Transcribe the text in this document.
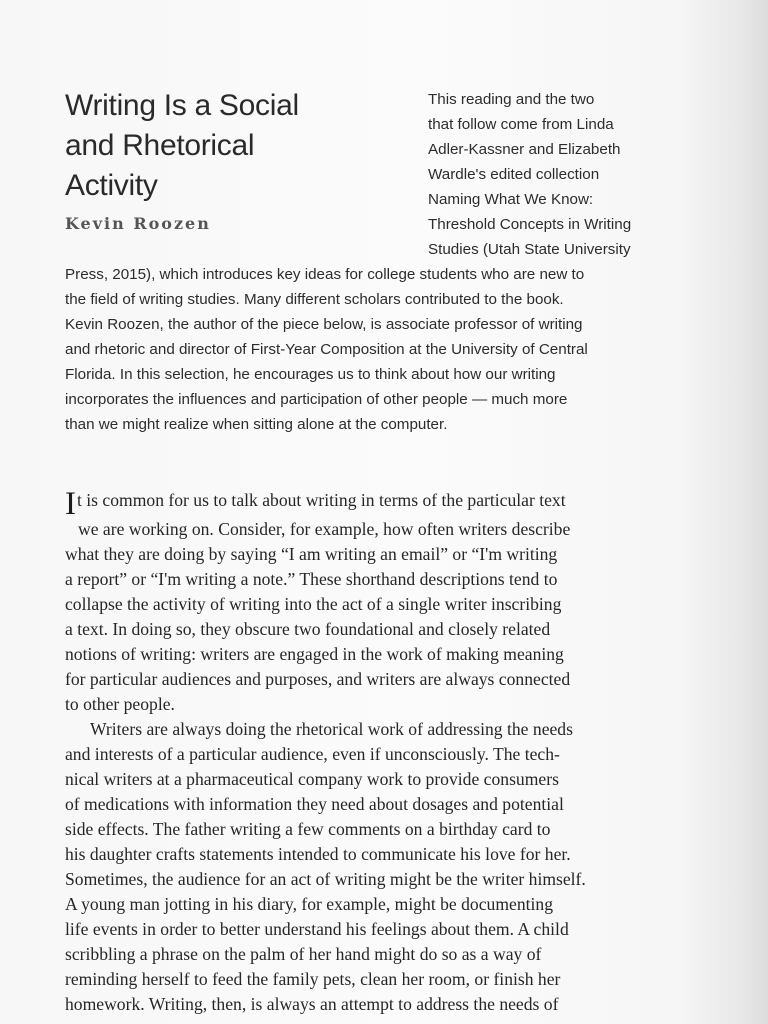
Writing Is a Social
and Rhetorical
Activity
Kevin Roozen
This reading and the two
that follow come from Linda
Adler-Kassner and Elizabeth
Wardle's edited collection
Naming What We Know:
Threshold Concepts in Writing
Studies (Utah State University
Press, 2015), which introduces key ideas for college students who are new to
the field of writing studies. Many different scholars contributed to the book.
Kevin Roozen, the author of the piece below, is associate professor of writing
and rhetoric and director of First-Year Composition at the University of Central
Florida. In this selection, he encourages us to think about how our writing
incorporates the influences and participation of other people — much more
than we might realize when sitting alone at the computer.
It is common for us to talk about writing in terms of the particular text
we are working on. Consider, for example, how often writers describe
what they are doing by saying “I am writing an email” or “I'm writing
a report” or “I'm writing a note.” These shorthand descriptions tend to
collapse the activity of writing into the act of a single writer inscribing
a text. In doing so, they obscure two foundational and closely related
notions of writing: writers are engaged in the work of making meaning
for particular audiences and purposes, and writers are always connected
to other people.
Writers are always doing the rhetorical work of addressing the needs
and interests of a particular audience, even if unconsciously. The tech-
nical writers at a pharmaceutical company work to provide consumers
of medications with information they need about dosages and potential
side effects. The father writing a few comments on a birthday card to
his daughter crafts statements intended to communicate his love for her.
Sometimes, the audience for an act of writing might be the writer himself.
A young man jotting in his diary, for example, might be documenting
life events in order to better understand his feelings about them. A child
scribbling a phrase on the palm of her hand might do so as a way of
reminding herself to feed the family pets, clean her room, or finish her
homework. Writing, then, is always an attempt to address the needs of
